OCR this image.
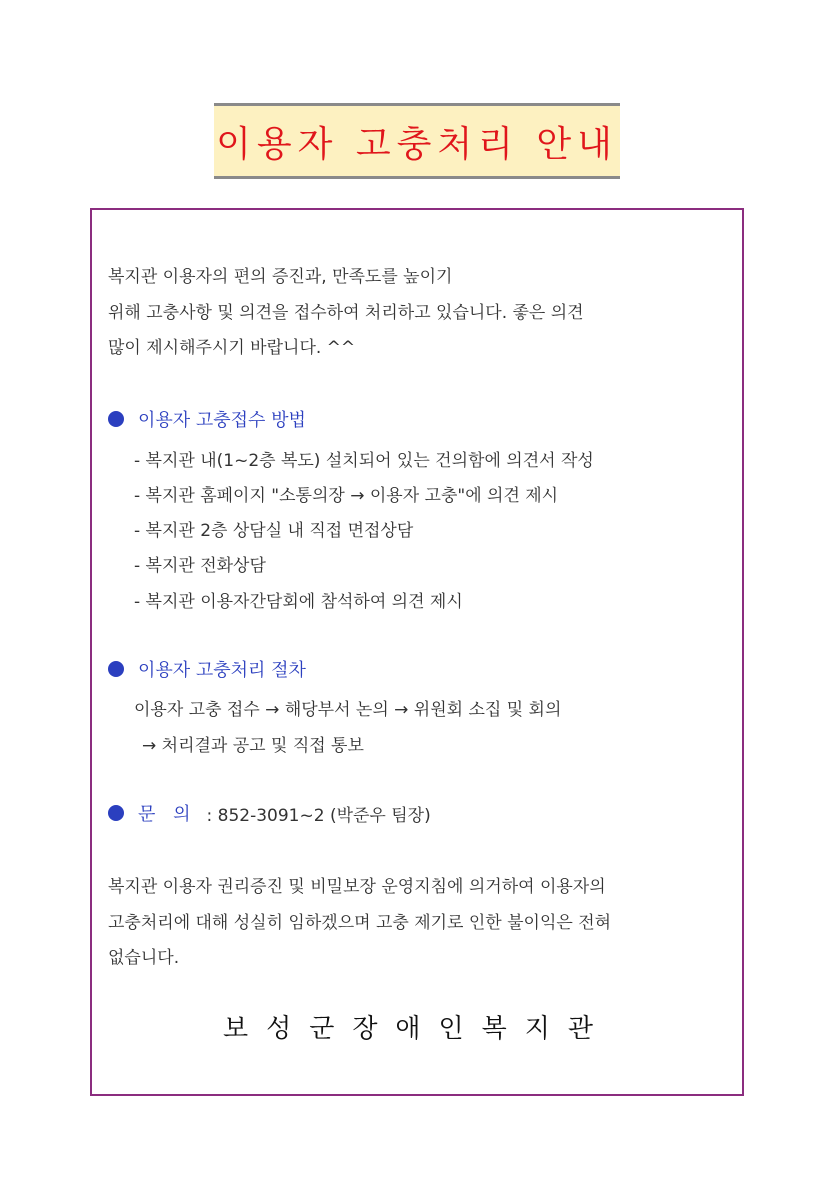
이용자 고충처리 안내
복지관 이용자의 편의 증진과, 만족도를 높이기
위해 고충사항 및 의견을 접수하여 처리하고 있습니다. 좋은 의견
많이 제시해주시기 바랍니다. ^^
이용자 고충접수 방법
- 복지관 내(1~2층 복도) 설치되어 있는 건의함에 의견서 작성
- 복지관 홈페이지 "소통의장 → 이용자 고충"에 의견 제시
- 복지관 2층 상담실 내 직접 면접상담
- 복지관 전화상담
- 복지관 이용자간담회에 참석하여 의견 제시
이용자 고충처리 절차
이용자 고충 접수 → 해당부서 논의 → 위원회 소집 및 회의
→ 처리결과 공고 및 직접 통보
문 의 : 852-3091~2 (박준우 팀장)
복지관 이용자 권리증진 및 비밀보장 운영지침에 의거하여 이용자의
고충처리에 대해 성실히 임하겠으며 고충 제기로 인한 불이익은 전혀
없습니다.
보성군장애인복지관
